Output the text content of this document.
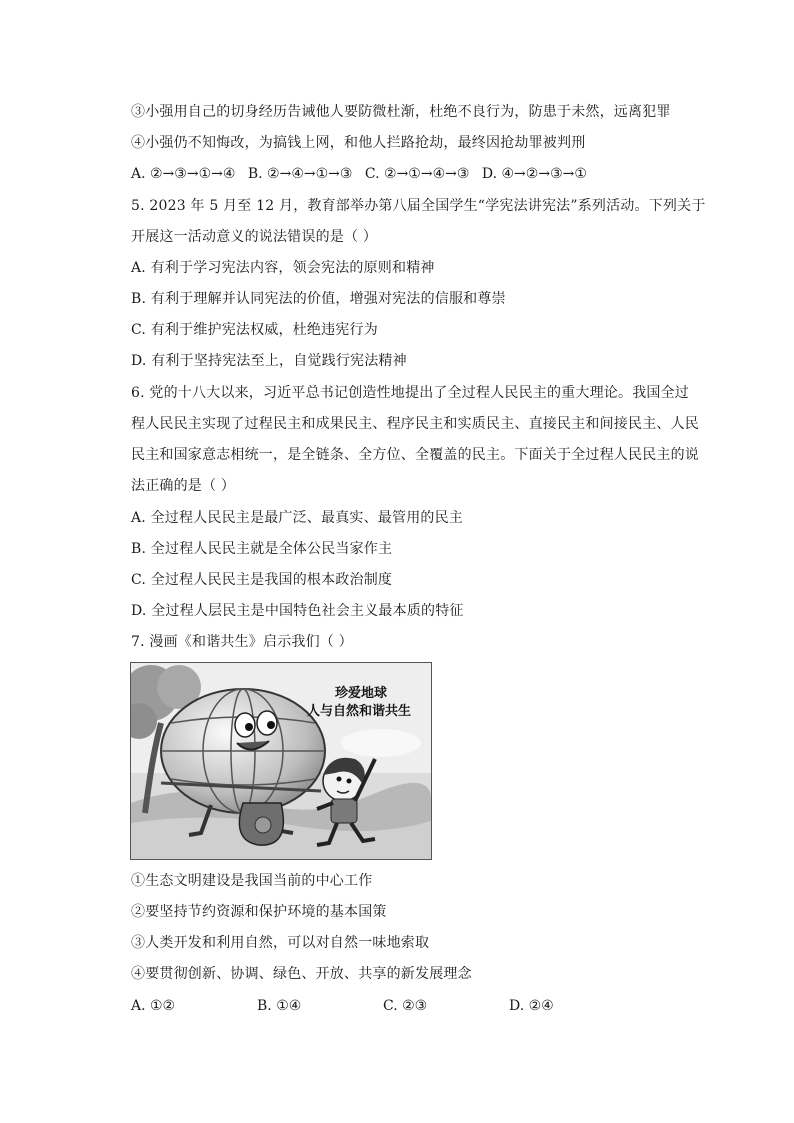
③小强用自己的切身经历告诫他人要防微杜渐，杜绝不良行为，防患于未然，远离犯罪
④小强仍不知悔改，为搞钱上网，和他人拦路抢劫，最终因抢劫罪被判刑
A. ②→③→①→④ B. ②→④→①→③ C. ②→①→④→③ D. ④→②→③→①
5. 2023 年 5 月至 12 月，教育部举办第八届全国学生“学宪法讲宪法”系列活动。下列关于
开展这一活动意义的说法错误的是（ ）
A. 有利于学习宪法内容，领会宪法的原则和精神
B. 有利于理解并认同宪法的价值，增强对宪法的信服和尊崇
C. 有利于维护宪法权威，杜绝违宪行为
D. 有利于坚持宪法至上，自觉践行宪法精神
6. 党的十八大以来，习近平总书记创造性地提出了全过程人民民主的重大理论。我国全过
程人民民主实现了过程民主和成果民主、程序民主和实质民主、直接民主和间接民主、人民
民主和国家意志相统一，是全链条、全方位、全覆盖的民主。下面关于全过程人民民主的说
法正确的是（ ）
A. 全过程人民民主是最广泛、最真实、最管用的民主
B. 全过程人民民主就是全体公民当家作主
C. 全过程人民民主是我国的根本政治制度
D. 全过程人层民主是中国特色社会主义最本质的特征
7. 漫画《和谐共生》启示我们（ ）
珍爱地球
人与自然和谐共生
①生态文明建设是我国当前的中心工作
②要坚持节约资源和保护环境的基本国策
③人类开发和利用自然，可以对自然一味地索取
④要贯彻创新、协调、绿色、开放、共享的新发展理念
A. ①②	B. ①④	C. ②③	D. ②④
